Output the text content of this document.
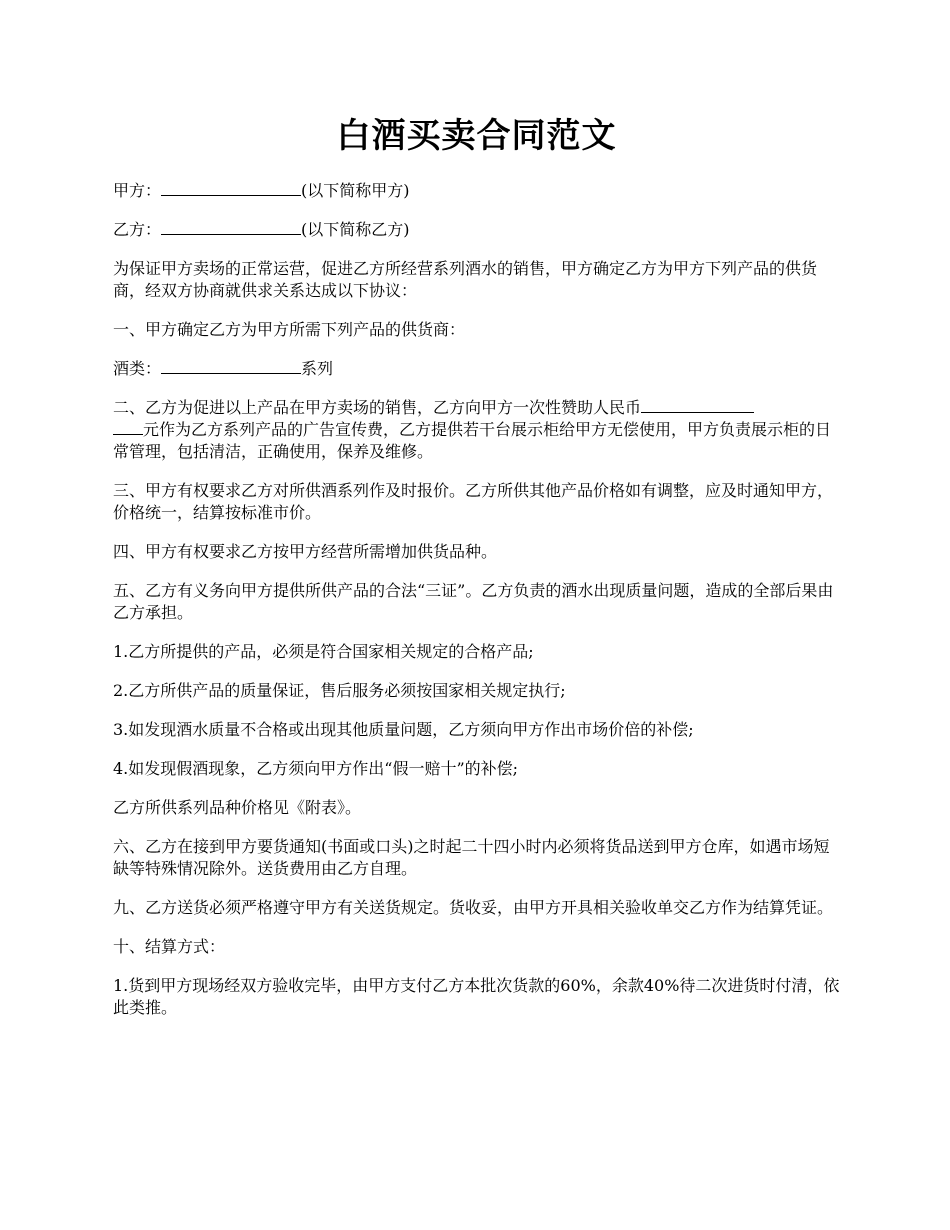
白酒买卖合同范文

甲方：	(以下简称甲方)

乙方：	(以下简称乙方)

为保证甲方卖场的正常运营，促进乙方所经营系列酒水的销售，甲方确定乙方为甲方下列产品的供货商，经双方协商就供求关系达成以下协议：

一、甲方确定乙方为甲方所需下列产品的供货商：

酒类：	系列

二、乙方为促进以上产品在甲方卖场的销售，乙方向甲方一次性赞助人民币
元作为乙方系列产品的广告宣传费，乙方提供若干台展示柜给甲方无偿使用，甲方负责展示柜的日常管理，包括清洁，正确使用，保养及维修。

三、甲方有权要求乙方对所供酒系列作及时报价。乙方所供其他产品价格如有调整，应及时通知甲方，价格统一，结算按标准市价。

四、甲方有权要求乙方按甲方经营所需增加供货品种。

五、乙方有义务向甲方提供所供产品的合法“三证”。乙方负责的酒水出现质量问题，造成的全部后果由乙方承担。

1.乙方所提供的产品，必须是符合国家相关规定的合格产品;

2.乙方所供产品的质量保证，售后服务必须按国家相关规定执行;

3.如发现酒水质量不合格或出现其他质量问题，乙方须向甲方作出市场价倍的补偿;

4.如发现假酒现象，乙方须向甲方作出“假一赔十”的补偿;

乙方所供系列品种价格见《附表》。

六、乙方在接到甲方要货通知(书面或口头)之时起二十四小时内必须将货品送到甲方仓库，如遇市场短缺等特殊情况除外。送货费用由乙方自理。

九、乙方送货必须严格遵守甲方有关送货规定。货收妥，由甲方开具相关验收单交乙方作为结算凭证。

十、结算方式：

1.货到甲方现场经双方验收完毕，由甲方支付乙方本批次货款的60%，余款40%待二次进货时付清，依此类推。
